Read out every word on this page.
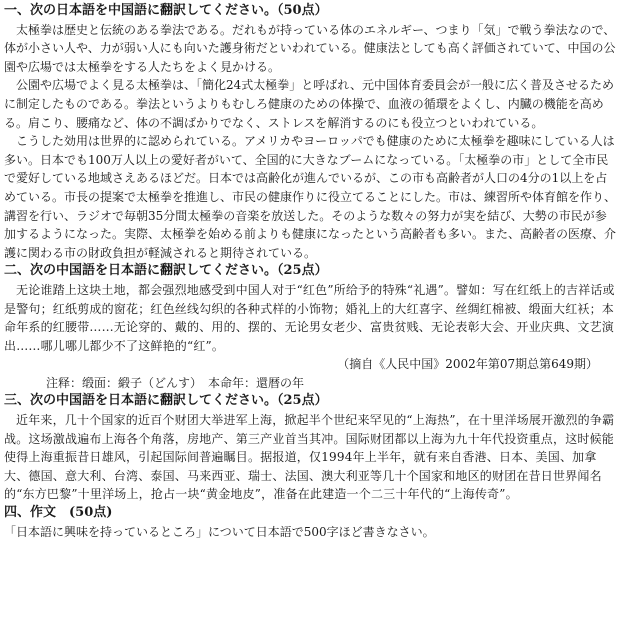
一、次の日本語を中国語に翻訳してください。（50点）

太極拳は歴史と伝統のある拳法である。だれもが持っている体のエネルギー、つまり「気」で戦う拳法なので、体が小さい人や、力が弱い人にも向いた護身術だといわれている。健康法としても高く評価されていて、中国の公園や広場では太極拳をする人たちをよく見かける。

公園や広場でよく見る太極拳は、「簡化24式太極拳」と呼ばれ、元中国体育委員会が一般に広く普及させるために制定したものである。拳法というよりもむしろ健康のための体操で、血液の循環をよくし、内臓の機能を高める。肩こり、腰痛など、体の不調ばかりでなく、ストレスを解消するのにも役立つといわれている。

こうした効用は世界的に認められている。アメリカやヨーロッパでも健康のために太極拳を趣味にしている人は多い。日本でも100万人以上の愛好者がいて、全国的に大きなブームになっている。「太極拳の市」として全市民で愛好している地域さえあるほどだ。日本では高齢化が進んでいるが、この市も高齢者が人口の4分の1以上を占めている。市長の提案で太極拳を推進し、市民の健康作りに役立てることにした。市は、練習所や体育館を作り、講習を行い、ラジオで毎朝35分間太極拳の音楽を放送した。そのような数々の努力が実を結び、大勢の市民が参加するようになった。実際、太極拳を始める前よりも健康になったという高齢者も多い。また、高齢者の医療、介護に関わる市の財政負担が軽減されると期待されている。

二、次の中国語を日本語に翻訳してください。（25点）

无论谁踏上这块土地，都会强烈地感受到中国人对于“红色”所给予的特殊“礼遇”。譬如：写在红纸上的吉祥话或是警句；红纸剪成的窗花；红色丝线勾织的各种式样的小饰物；婚礼上的大红喜字、丝绸红棉被、缎面大红袄；本命年系的红腰带……无论穿的、戴的、用的、摆的、无论男女老少、富贵贫贱、无论表彰大会、开业庆典、文艺演出……哪儿哪儿都少不了这鲜艳的“红”。

（摘自《人民中国》2002年第07期总第649期）

注释：缎面：緞子（どんす）　本命年：還暦の年

三、次の中国語を日本語に翻訳してください。（25点）

近年来，几十个国家的近百个财团大举进军上海，掀起半个世纪来罕见的“上海热”，在十里洋场展开激烈的争霸战。这场激战遍布上海各个角落，房地产、第三产业首当其冲。国际财团都以上海为九十年代投资重点，这时候能使得上海重振昔日雄风，引起国际间普遍瞩目。据报道，仅1994年上半年，就有来自香港、日本、美国、加拿大、德国、意大利、台湾、泰国、马来西亚、瑞士、法国、澳大利亚等几十个国家和地区的财团在昔日世界闻名的“东方巴黎”十里洋场上，抢占一块“黄金地皮”，准备在此建造一个二三十年代的“上海传奇”。

四、作文　(50点)

「日本語に興味を持っているところ」について日本語で500字ほど書きなさい。
